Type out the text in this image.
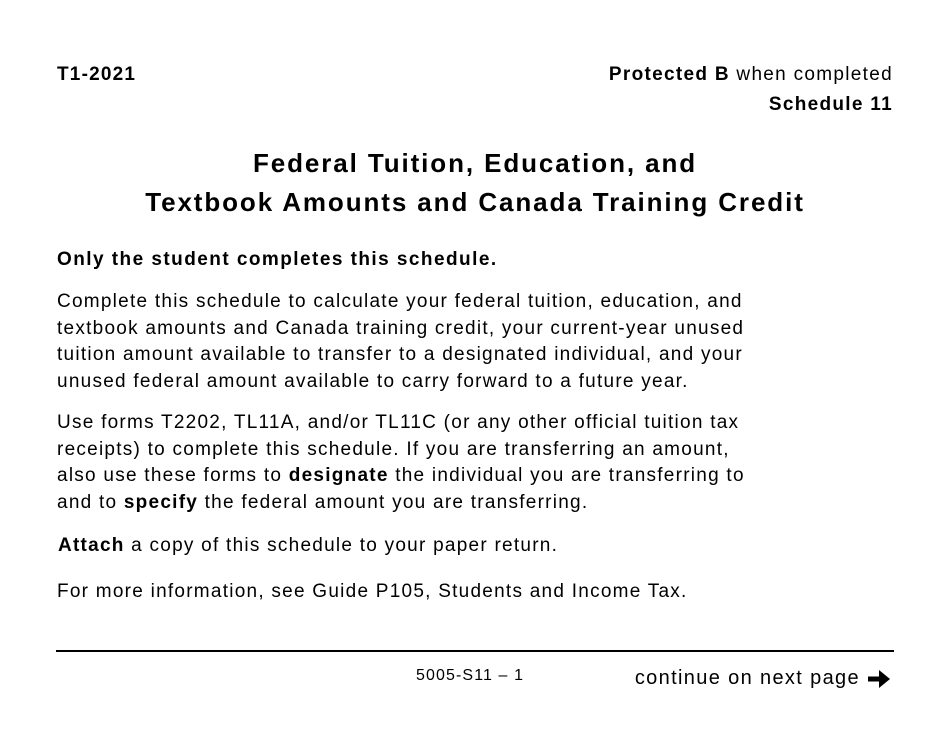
T1-2021	Protected B when completed
Schedule 11
Federal Tuition, Education, and
Textbook Amounts and Canada Training Credit
Only the student completes this schedule.
Complete this schedule to calculate your federal tuition, education, and
textbook amounts and Canada training credit, your current-year unused
tuition amount available to transfer to a designated individual, and your
unused federal amount available to carry forward to a future year.
Use forms T2202, TL11A, and/or TL11C (or any other official tuition tax
receipts) to complete this schedule. If you are transferring an amount,
also use these forms to designate the individual you are transferring to
and to specify the federal amount you are transferring.
Attach a copy of this schedule to your paper return.
For more information, see Guide P105, Students and Income Tax.
5005-S11 – 1	continue on next page
